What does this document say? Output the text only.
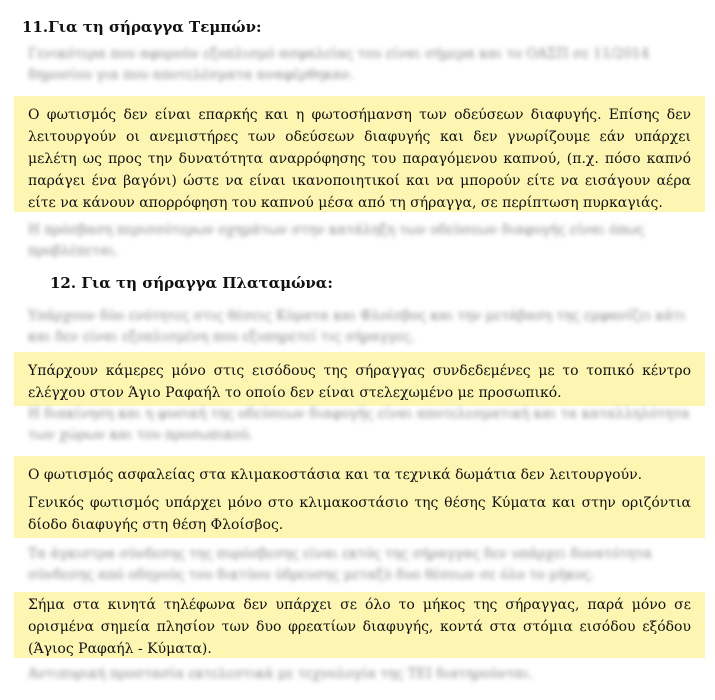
11.Για τη σήραγγα Τεμπών:
Γενικότερα που αφορούν εξοπλισμό ασφαλείας του είναι σήμερα και το ΟΑΣΠ σε 11/2014 δημοσίου για που αποτελέσματα αναφέρθηκαν.

Ο φωτισμός δεν είναι επαρκής και η φωτοσήμανση των οδεύσεων διαφυγής. Επίσης δεν λειτουργούν οι ανεμιστήρες των οδεύσεων διαφυγής και δεν γνωρίζουμε εάν υπάρχει μελέτη ως προς την δυνατότητα αναρρόφησης του παραγόμενου καπνού, (π.χ. πόσο καπνό παράγει ένα βαγόνι) ώστε να είναι ικανοποιητικοί και να μπορούν είτε να εισάγουν αέρα είτε να κάνουν απορρόφηση του καπνού μέσα από τη σήραγγα, σε περίπτωση πυρκαγιάς.

Η πρόσβαση περισσότερων οχημάτων στην κατάληξη των οδεύσεων διαφυγής είναι όπως προβλέπεται.
12. Για τη σήραγγα Πλαταμώνα:
Υπάρχουν δύο ενότητες στις θέσεις Κύματα και Φλοίσβος και την μετάβαση της εμφανίζει κάτι και δεν είναι εξοπλισμένη που εξυπηρετεί τις σήραγγες.

Υπάρχουν κάμερες μόνο στις εισόδους της σήραγγας συνδεδεμένες με το τοπικό κέντρο ελέγχου στον Άγιο Ραφαήλ το οποίο δεν είναι στελεχωμένο με προσωπικό.

Η διακίνηση και η φυσική της οδεύσεων διαφυγής είναι αποτελεσματική και τα καταλληλότητα των χώρων και του προσωπικού.

Ο φωτισμός ασφαλείας στα κλιμακοστάσια και τα τεχνικά δωμάτια δεν λειτουργούν.

Γενικός φωτισμός υπάρχει μόνο στο κλιμακοστάσιο της θέσης Κύματα και στην οριζόντια δίοδο διαφυγής στη θέση Φλοίσβος.

Τα άγκιστρα σύνδεσης της πυρόσβεσης είναι εκτός της σήραγγας δεν υπάρχει δυνατότητα σύνδεσης από οδηγούς του δικτύου ύδρευσης μεταξύ δυο θέσεων σε όλο το μήκος.

Σήμα στα κινητά τηλέφωνα δεν υπάρχει σε όλο το μήκος της σήραγγας, παρά μόνο σε ορισμένα σημεία πλησίον των δυο φρεατίων διαφυγής, κοντά στα στόμια εισόδου εξόδου (Άγιος Ραφαήλ - Κύματα).

Αντιπυρική προστασία εκτελεστικά με τεχνολογία της ΤΕΙ διατηρούνται.
